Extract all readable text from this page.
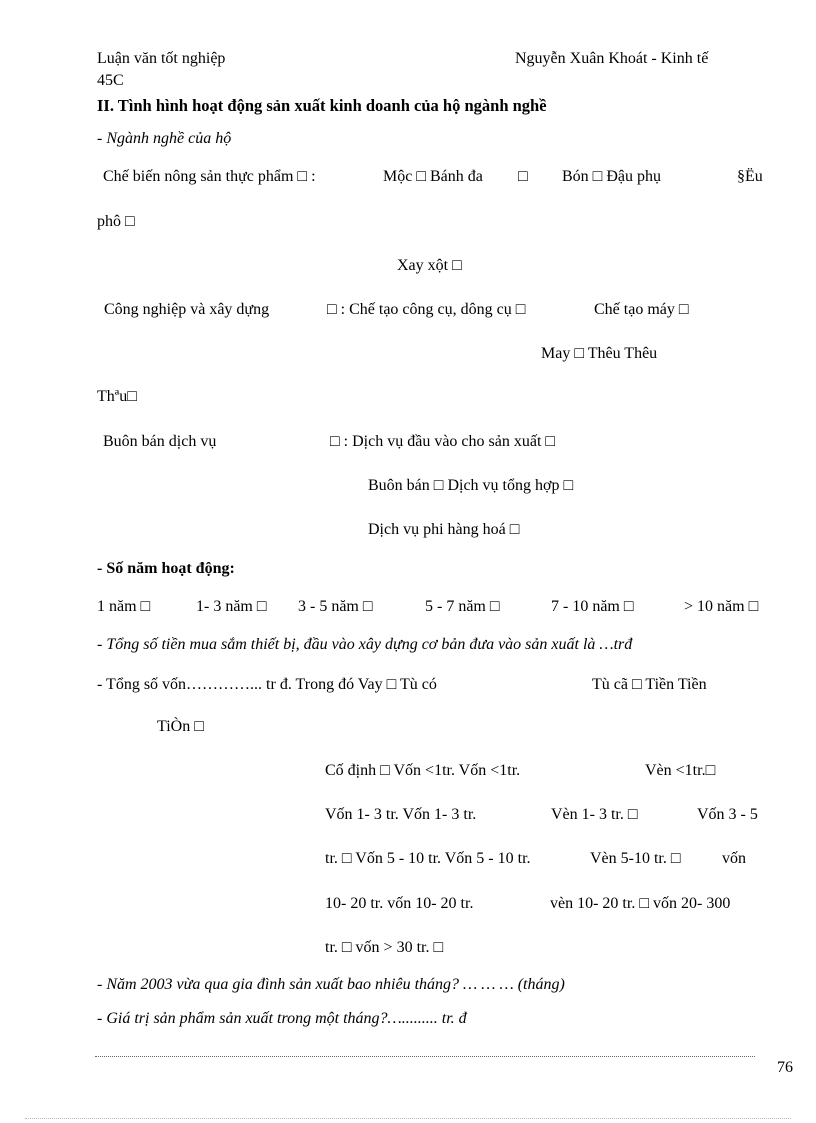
Luận văn tốt nghiệp	Nguyễn Xuân Khoát - Kinh tế
45C
II. Tình hình hoạt động sản xuất kinh doanh của hộ ngành nghề
- Ngành nghề của hộ
Chế biến nông sản thực phẩm □ :	Mộc □ Bánh đa □ Bón □ Đậu phụ	§Ëu
phô □
Xay xột □
Công nghiệp và xây dựng	□ : Chế tạo công cụ, dông cụ □	Chế tạo máy □
May □ Thêu Thêu
Thªu□
Buôn bán dịch vụ	□ : Dịch vụ đầu vào cho sản xuất □
Buôn bán □ Dịch vụ tổng hợp □
Dịch vụ phi hàng hoá □
- Số năm hoạt động:
1 năm □	1- 3 năm □ 3 - 5 năm □	5 - 7 năm □	7 - 10 năm □	> 10 năm □
- Tổng số tiền mua sắm thiết bị, đầu vào xây dựng cơ bản đưa vào sản xuất là …trđ
- Tổng số vốn…………... tr đ. Trong đó Vay □ Tù có	Tù cã □ Tiền Tiền
TiÒn □
Cố định □ Vốn <1tr. Vốn <1tr.	Vèn <1tr.□
Vốn 1- 3 tr. Vốn 1- 3 tr.	Vèn 1- 3 tr. □	Vốn 3 - 5
tr. □ Vốn 5 - 10 tr. Vốn 5 - 10 tr.	Vèn 5-10 tr. □	vốn
10- 20 tr. vốn 10- 20 tr.	vèn 10- 20 tr. □ vốn 20- 300
tr. □ vốn > 30 tr. □
- Năm 2003 vừa qua gia đình sản xuất bao nhiêu tháng? … … … (tháng)
- Giá trị sản phẩm sản xuất trong một tháng?…......... tr. đ
76
